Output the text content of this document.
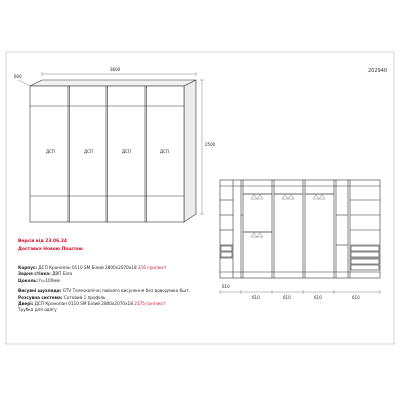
202940
3600
2500
600
ДСП	ДСП	ДСП	ДСП
610
610	610	610	610
Версія від 23.06.24
Доставка Новою Поштою
Корпус: ДСП Кронопан 0110 SM Білий 2800х2070х18 216 грн/лист
Задня стінка: ДВП Біла
Цоколь: h=100мм
Висувні шухляди: GTV Телескопічні повного висунення без доводчика 6шт.
Розсувна система: Сотовий 1 профіль
Двері: ДСП Кронопан 0110 SM Білий 2800х2070х18 2175 грн/лист
Трубка для одягу
